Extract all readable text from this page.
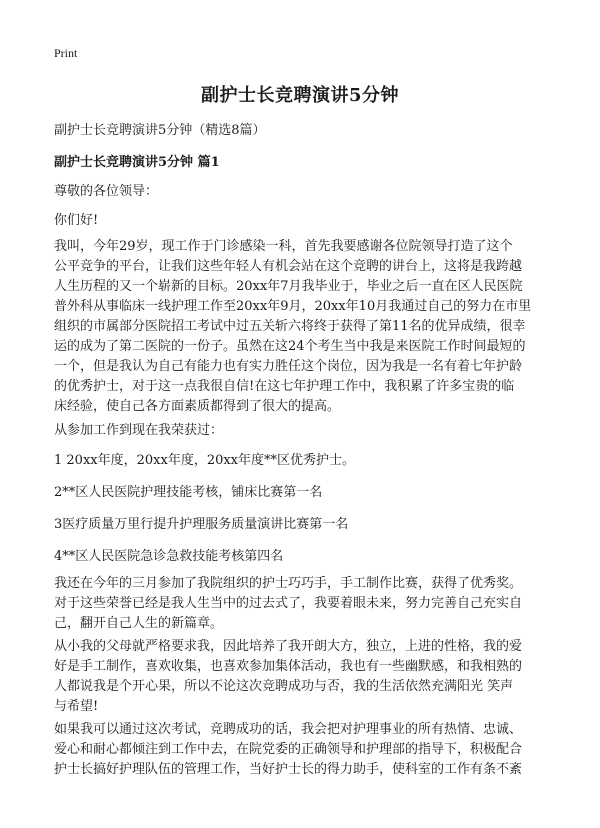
Print
副护士长竞聘演讲5分钟
副护士长竞聘演讲5分钟（精选8篇）
副护士长竞聘演讲5分钟 篇1
尊敬的各位领导：
你们好!
我叫，今年29岁，现工作于门诊感染一科，首先我要感谢各位院领导打造了这个
公平竞争的平台，让我们这些年轻人有机会站在这个竞聘的讲台上，这将是我跨越
人生历程的又一个崭新的目标。20xx年7月我毕业于，毕业之后一直在区人民医院
普外科从事临床一线护理工作至20xx年9月，20xx年10月我通过自己的努力在市里
组织的市属部分医院招工考试中过五关斩六将终于获得了第11名的优异成绩，很幸
运的成为了第二医院的一份子。虽然在这24个考生当中我是来医院工作时间最短的
一个，但是我认为自己有能力也有实力胜任这个岗位，因为我是一名有着七年护龄
的优秀护士，对于这一点我很自信!在这七年护理工作中，我积累了许多宝贵的临
床经验，使自己各方面素质都得到了很大的提高。
从参加工作到现在我荣获过：
1 20xx年度，20xx年度，20xx年度**区优秀护士。
2**区人民医院护理技能考核，铺床比赛第一名
3医疗质量万里行提升护理服务质量演讲比赛第一名
4**区人民医院急诊急救技能考核第四名
我还在今年的三月参加了我院组织的护士巧巧手，手工制作比赛，获得了优秀奖。
对于这些荣誉已经是我人生当中的过去式了，我要着眼未来，努力完善自己充实自
己，翻开自己人生的新篇章。
从小我的父母就严格要求我，因此培养了我开朗大方，独立，上进的性格，我的爱
好是手工制作，喜欢收集，也喜欢参加集体活动，我也有一些幽默感，和我相熟的
人都说我是个开心果，所以不论这次竞聘成功与否，我的生活依然充满阳光 笑声
与希望!
如果我可以通过这次考试，竞聘成功的话，我会把对护理事业的所有热情、忠诚、
爱心和耐心都倾注到工作中去，在院党委的正确领导和护理部的指导下，积极配合
护士长搞好护理队伍的管理工作，当好护士长的得力助手，使科室的工作有条不紊
